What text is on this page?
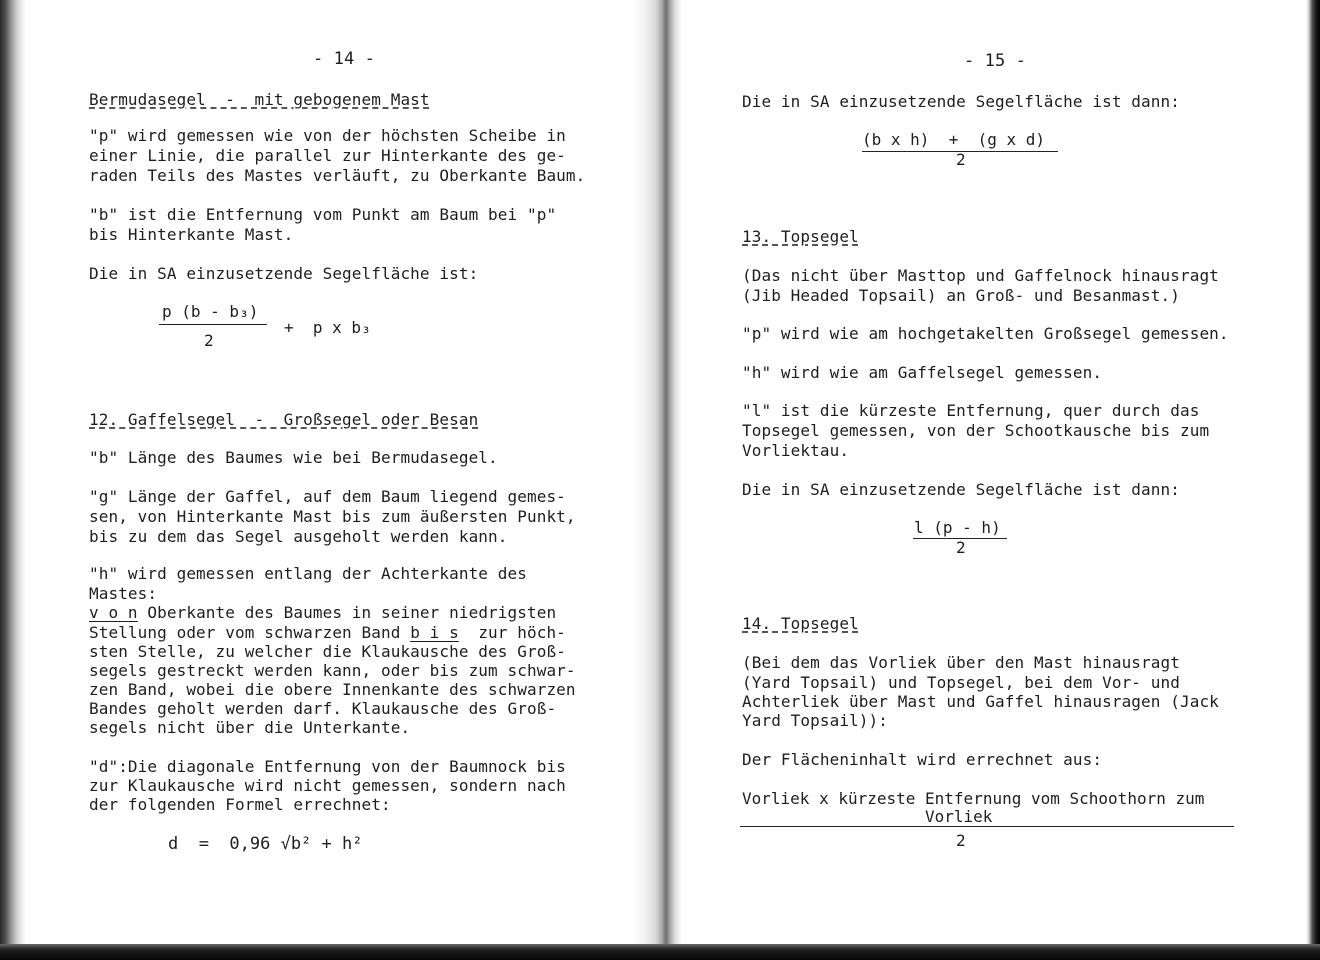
- 14 -

Bermudasegel  -  mit gebogenem Mast

"p" wird gemessen wie von der höchsten Scheibe in

einer Linie, die parallel zur Hinterkante des ge-

raden Teils des Mastes verläuft, zu Oberkante Baum.

"b" ist die Entfernung vom Punkt am Baum bei "p"

bis Hinterkante Mast.

Die in SA einzusetzende Segelfläche ist:

p (b - b₃)

2

+  p x b₃

12. Gaffelsegel  -  Großsegel oder Besan

"b" Länge des Baumes wie bei Bermudasegel.

"g" Länge der Gaffel, auf dem Baum liegend gemes-

sen, von Hinterkante Mast bis zum äußersten Punkt,

bis zu dem das Segel ausgeholt werden kann.

"h" wird gemessen entlang der Achterkante des

Mastes:

v o n Oberkante des Baumes in seiner niedrigsten

Stellung oder vom schwarzen Band b i s  zur höch-

sten Stelle, zu welcher die Klaukausche des Groß-

segels gestreckt werden kann, oder bis zum schwar-

zen Band, wobei die obere Innenkante des schwarzen

Bandes geholt werden darf. Klaukausche des Groß-

segels nicht über die Unterkante.

"d":Die diagonale Entfernung von der Baumnock bis

zur Klaukausche wird nicht gemessen, sondern nach

der folgenden Formel errechnet:

d  =  0,96 √b² + h²

- 15 -

Die in SA einzusetzende Segelfläche ist dann:

(b x h)  +  (g x d)

2

13. Topsegel

(Das nicht über Masttop und Gaffelnock hinausragt

(Jib Headed Topsail) an Groß- und Besanmast.)

"p" wird wie am hochgetakelten Großsegel gemessen.

"h" wird wie am Gaffelsegel gemessen.

"l" ist die kürzeste Entfernung, quer durch das

Topsegel gemessen, von der Schootkausche bis zum

Vorliektau.

Die in SA einzusetzende Segelfläche ist dann:

l (p - h)

2

14. Topsegel

(Bei dem das Vorliek über den Mast hinausragt

(Yard Topsail) und Topsegel, bei dem Vor- und

Achterliek über Mast und Gaffel hinausragen (Jack

Yard Topsail)):

Der Flächeninhalt wird errechnet aus:

Vorliek x kürzeste Entfernung vom Schoothorn zum

Vorliek

2
